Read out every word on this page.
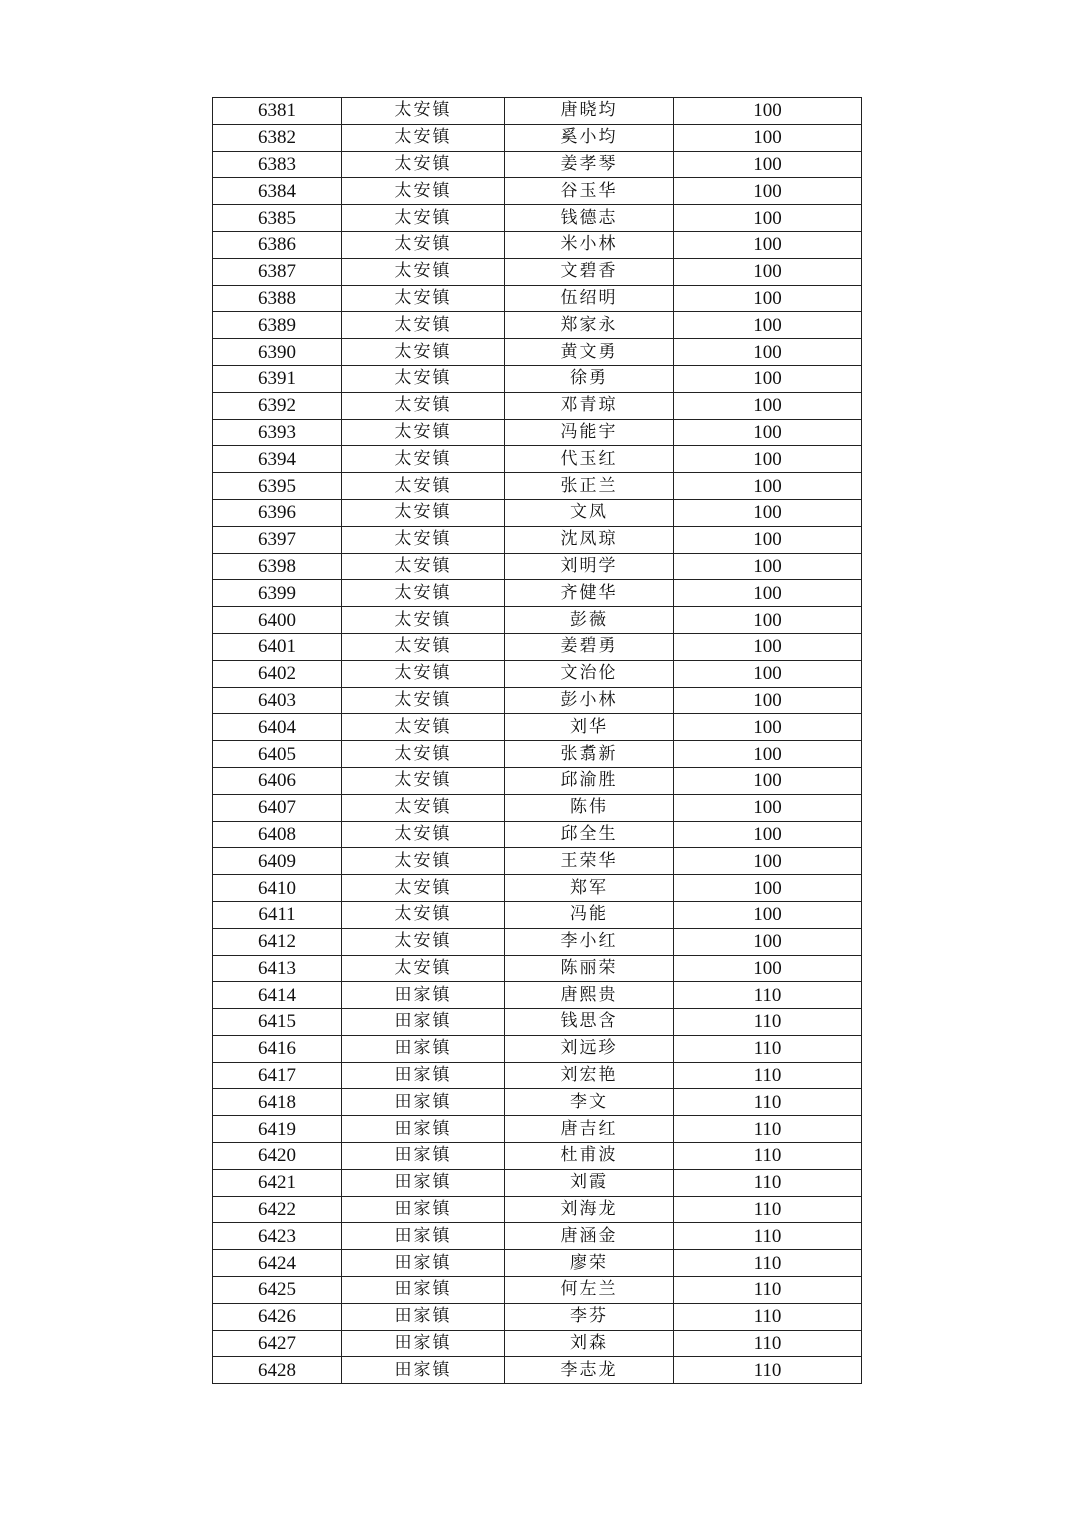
6381	太安镇	唐晓均	100
6382	太安镇	奚小均	100
6383	太安镇	姜孝琴	100
6384	太安镇	谷玉华	100
6385	太安镇	钱德志	100
6386	太安镇	米小林	100
6387	太安镇	文碧香	100
6388	太安镇	伍绍明	100
6389	太安镇	郑家永	100
6390	太安镇	黄文勇	100
6391	太安镇	徐勇	100
6392	太安镇	邓青琼	100
6393	太安镇	冯能宇	100
6394	太安镇	代玉红	100
6395	太安镇	张正兰	100
6396	太安镇	文凤	100
6397	太安镇	沈凤琼	100
6398	太安镇	刘明学	100
6399	太安镇	齐健华	100
6400	太安镇	彭薇	100
6401	太安镇	姜碧勇	100
6402	太安镇	文治伦	100
6403	太安镇	彭小林	100
6404	太安镇	刘华	100
6405	太安镇	张翥新	100
6406	太安镇	邱渝胜	100
6407	太安镇	陈伟	100
6408	太安镇	邱全生	100
6409	太安镇	王荣华	100
6410	太安镇	郑军	100
6411	太安镇	冯能	100
6412	太安镇	李小红	100
6413	太安镇	陈丽荣	100
6414	田家镇	唐熙贵	110
6415	田家镇	钱思含	110
6416	田家镇	刘远珍	110
6417	田家镇	刘宏艳	110
6418	田家镇	李文	110
6419	田家镇	唐吉红	110
6420	田家镇	杜甫波	110
6421	田家镇	刘霞	110
6422	田家镇	刘海龙	110
6423	田家镇	唐涵金	110
6424	田家镇	廖荣	110
6425	田家镇	何左兰	110
6426	田家镇	李芬	110
6427	田家镇	刘森	110
6428	田家镇	李志龙	110
